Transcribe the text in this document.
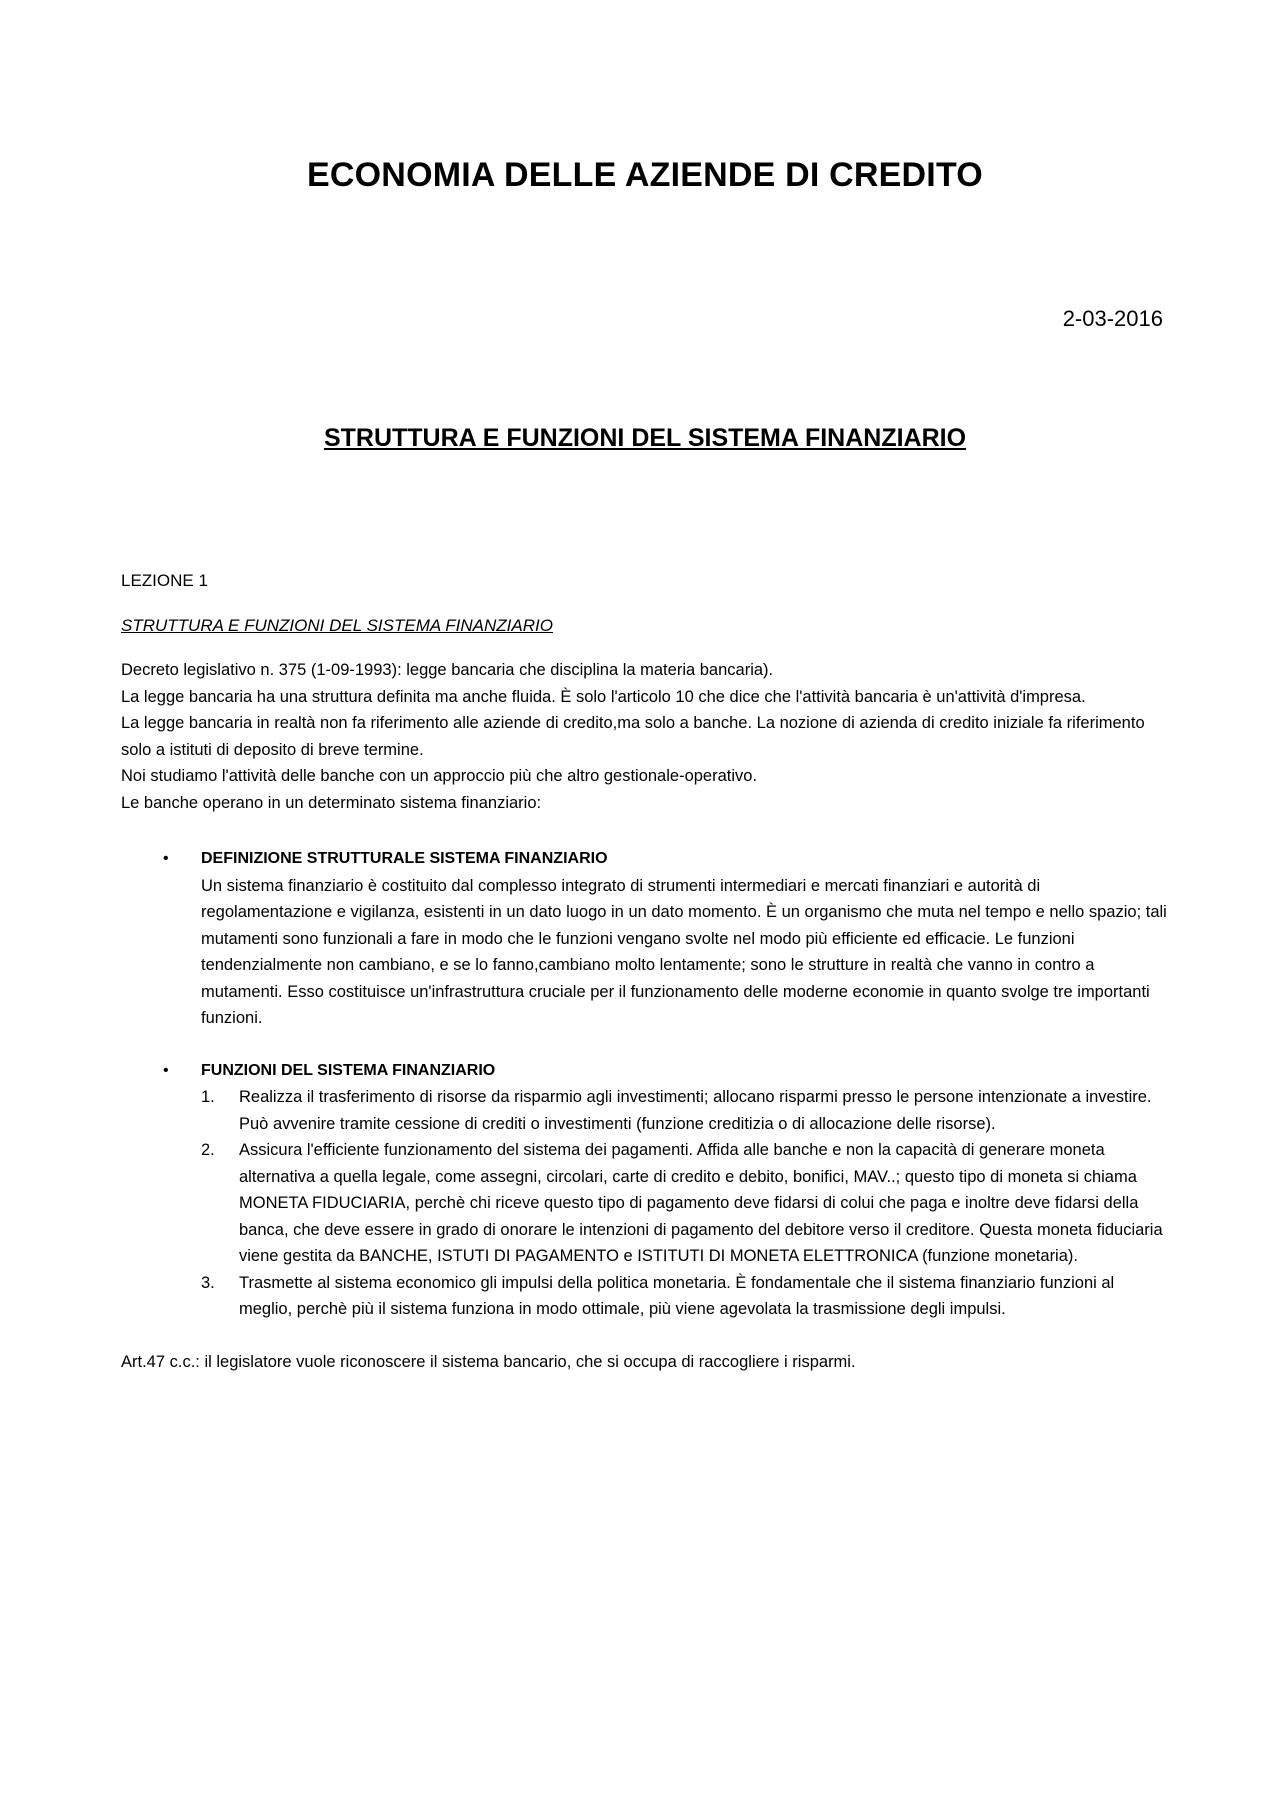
ECONOMIA DELLE AZIENDE DI CREDITO
2-03-2016
STRUTTURA E FUNZIONI DEL SISTEMA FINANZIARIO

LEZIONE 1

STRUTTURA E FUNZIONI DEL SISTEMA FINANZIARIO

Decreto legislativo n. 375 (1-09-1993): legge bancaria che disciplina la materia bancaria).

La legge bancaria ha una struttura definita ma anche fluida. È solo l'articolo 10 che dice che l'attività bancaria è un'attività d'impresa.

La legge bancaria in realtà non fa riferimento alle aziende di credito,ma solo a banche. La nozione di azienda di credito iniziale fa riferimento solo a istituti di deposito di breve termine.

Noi studiamo l'attività delle banche con un approccio più che altro gestionale-operativo.

Le banche operano in un determinato sistema finanziario:

• DEFINIZIONE STRUTTURALE SISTEMA FINANZIARIO
Un sistema finanziario è costituito dal complesso integrato di strumenti intermediari e mercati finanziari e autorità di regolamentazione e vigilanza, esistenti in un dato luogo in un dato momento. È un organismo che muta nel tempo e nello spazio; tali mutamenti sono funzionali a fare in modo che le funzioni vengano svolte nel modo più efficiente ed efficacie. Le funzioni tendenzialmente non cambiano, e se lo fanno,cambiano molto lentamente; sono le strutture in realtà che vanno in contro a mutamenti. Esso costituisce un'infrastruttura cruciale per il funzionamento delle moderne economie in quanto svolge tre importanti funzioni.
• FUNZIONI DEL SISTEMA FINANZIARIO
1. Realizza il trasferimento di risorse da risparmio agli investimenti; allocano risparmi presso le persone intenzionate a investire. Può avvenire tramite cessione di crediti o investimenti (funzione creditizia o di allocazione delle risorse).
2. Assicura l'efficiente funzionamento del sistema dei pagamenti. Affida alle banche e non la capacità di generare moneta alternativa a quella legale, come assegni, circolari, carte di credito e debito, bonifici, MAV..; questo tipo di moneta si chiama MONETA FIDUCIARIA, perchè chi riceve questo tipo di pagamento deve fidarsi di colui che paga e inoltre deve fidarsi della banca, che deve essere in grado di onorare le intenzioni di pagamento del debitore verso il creditore. Questa moneta fiduciaria viene gestita da BANCHE, ISTUTI DI PAGAMENTO e ISTITUTI DI MONETA ELETTRONICA (funzione monetaria).
3. Trasmette al sistema economico gli impulsi della politica monetaria. È fondamentale che il sistema finanziario funzioni al meglio, perchè più il sistema funziona in modo ottimale, più viene agevolata la trasmissione degli impulsi.

Art.47 c.c.: il legislatore vuole riconoscere il sistema bancario, che si occupa di raccogliere i risparmi.
